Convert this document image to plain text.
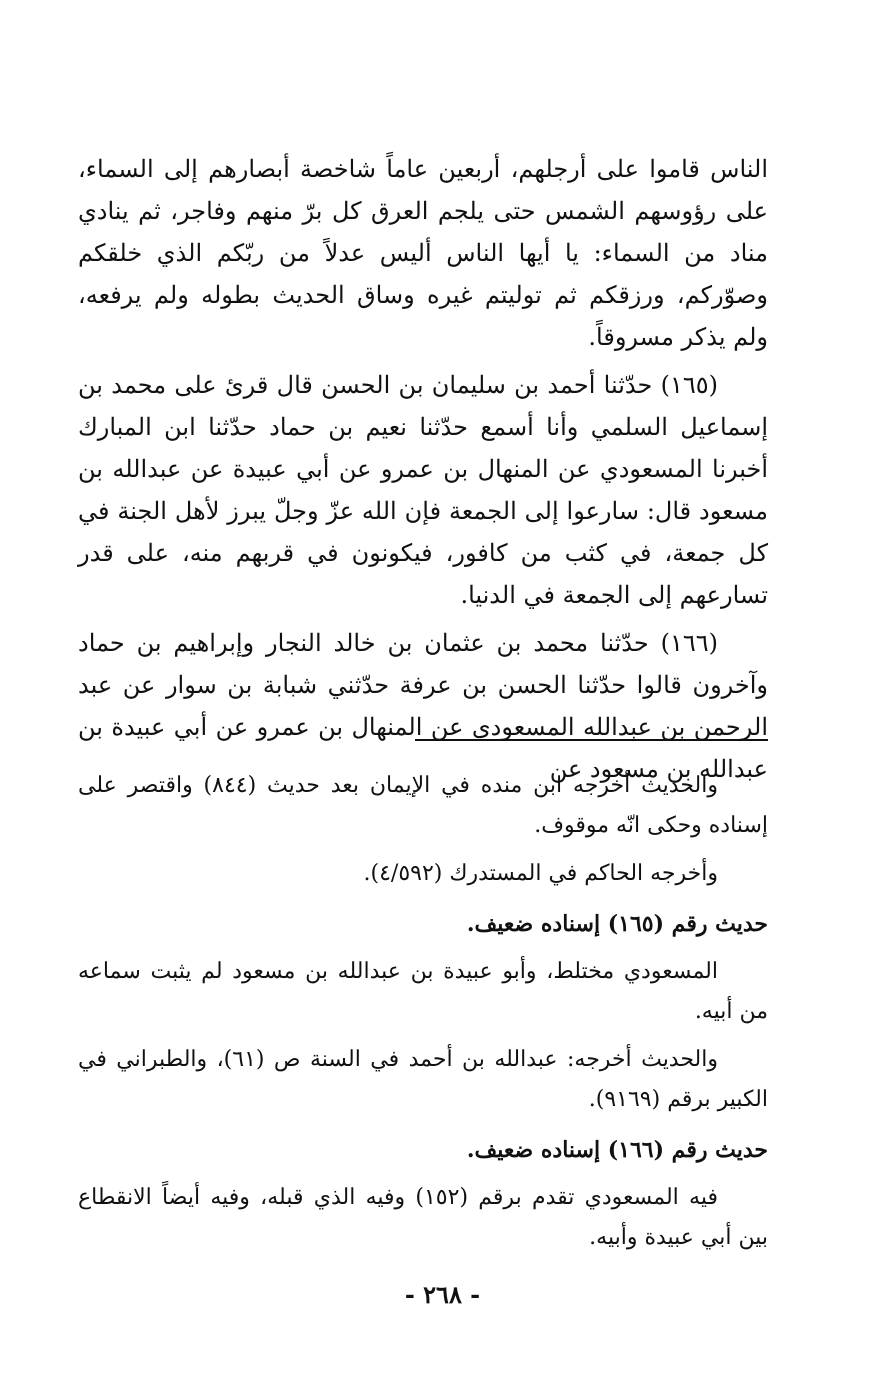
الناس قاموا على أرجلهم، أربعين عاماً شاخصة أبصارهم إلى السماء، على رؤوسهم الشمس حتى يلجم العرق كل برّ منهم وفاجر، ثم ينادي مناد من السماء: يا أيها الناس أليس عدلاً من ربّكم الذي خلقكم وصوّركم، ورزقكم ثم توليتم غيره وساق الحديث بطوله ولم يرفعه، ولم يذكر مسروقاً.

(١٦٥) حدّثنا أحمد بن سليمان بن الحسن قال قرئ على محمد بن إسماعيل السلمي وأنا أسمع حدّثنا نعيم بن حماد حدّثنا ابن المبارك أخبرنا المسعودي عن المنهال بن عمرو عن أبي عبيدة عن عبدالله بن مسعود قال: سارعوا إلى الجمعة فإن الله عزّ وجلّ يبرز لأهل الجنة في كل جمعة، في كثب من كافور، فيكونون في قربهم منه، على قدر تسارعهم إلى الجمعة في الدنيا.

(١٦٦) حدّثنا محمد بن عثمان بن خالد النجار وإبراهيم بن حماد وآخرون قالوا حدّثنا الحسن بن عرفة حدّثني شبابة بن سوار عن عبد الرحمن بن عبدالله المسعودي عن المنهال بن عمرو عن أبي عبيدة بن عبدالله بن مسعود عن

والحديث أخرجه ابن منده في الإيمان بعد حديث (٨٤٤) واقتصر على إسناده وحكى انّه موقوف.

وأخرجه الحاكم في المستدرك (٤/٥٩٢).

حديث رقم (١٦٥) إسناده ضعيف.

المسعودي مختلط، وأبو عبيدة بن عبدالله بن مسعود لم يثبت سماعه من أبيه.

والحديث أخرجه: عبدالله بن أحمد في السنة ص (٦١)، والطبراني في الكبير برقم (٩١٦٩).

حديث رقم (١٦٦) إسناده ضعيف.

فيه المسعودي تقدم برقم (١٥٢) وفيه الذي قبله، وفيه أيضاً الانقطاع بين أبي عبيدة وأبيه.

- ٢٦٨ -
